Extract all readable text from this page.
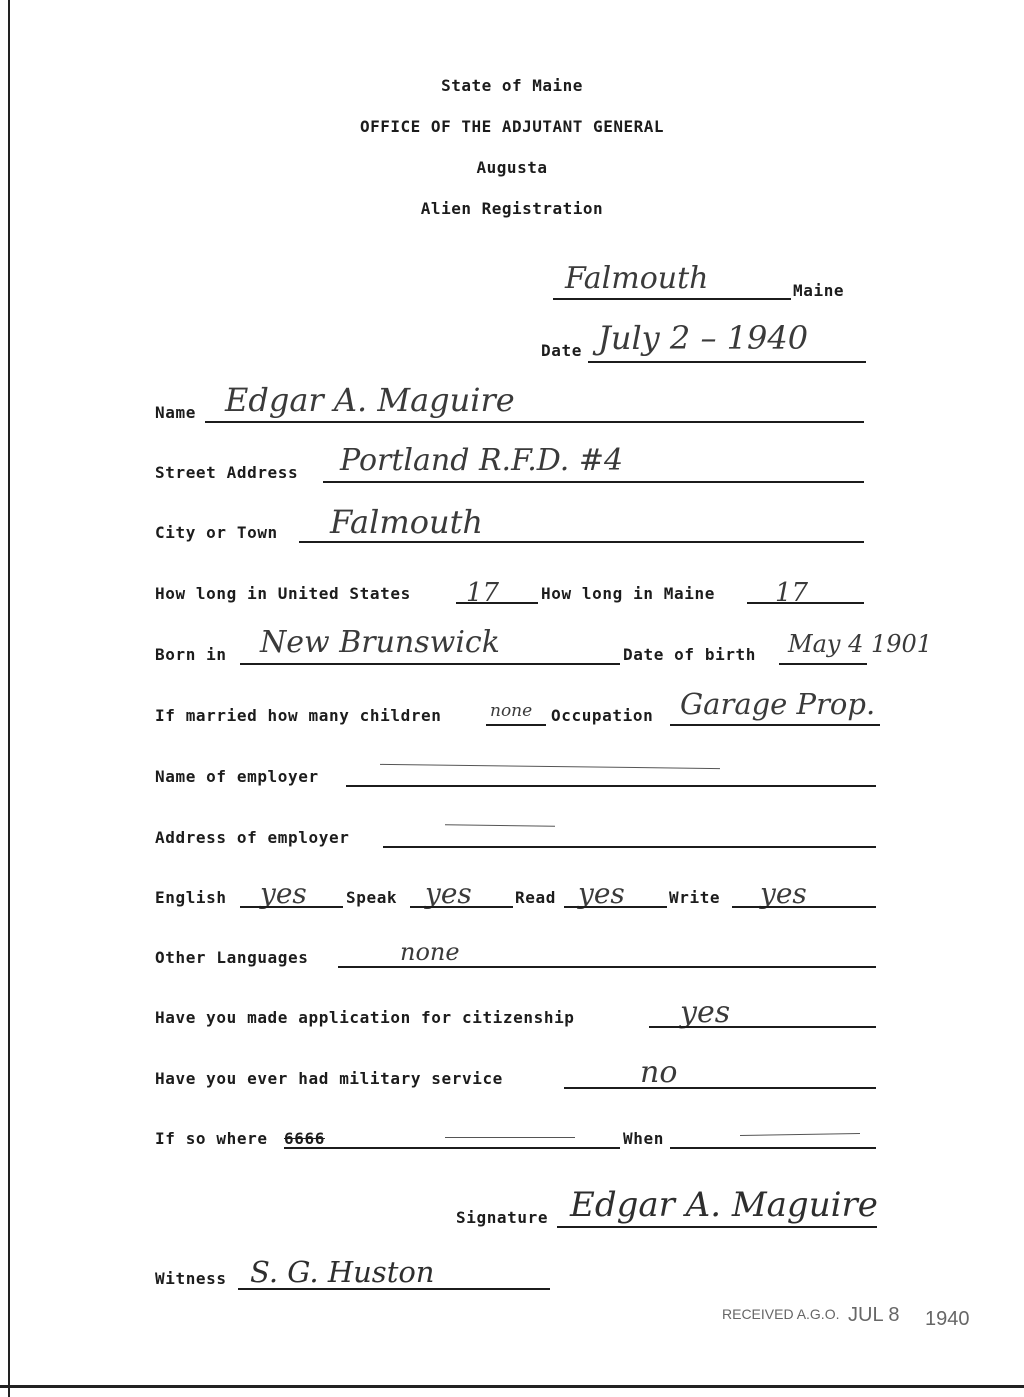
State of Maine
OFFICE OF THE ADJUTANT GENERAL
Augusta
Alien Registration
Falmouth	Maine
Date July 2 – 1940
Name Edgar A. Maguire
Street Address Portland R.F.D. #4
City or Town Falmouth
How long in United States 17	How long in Maine 17
Born in New Brunswick	Date of birth May 4 1901
If married how many children	none Occupation Garage Prop.
Name of employer
Address of employer
English yes Speak yes	Read yes	Write yes
Other Languages	none
Have you made application for citizenship	yes
Have you ever had military service	no
If so where 6666	When
Signature Edgar A. Maguire
Witness S. G. Huston
RECEIVED A.G.O. JUL 8 1940
